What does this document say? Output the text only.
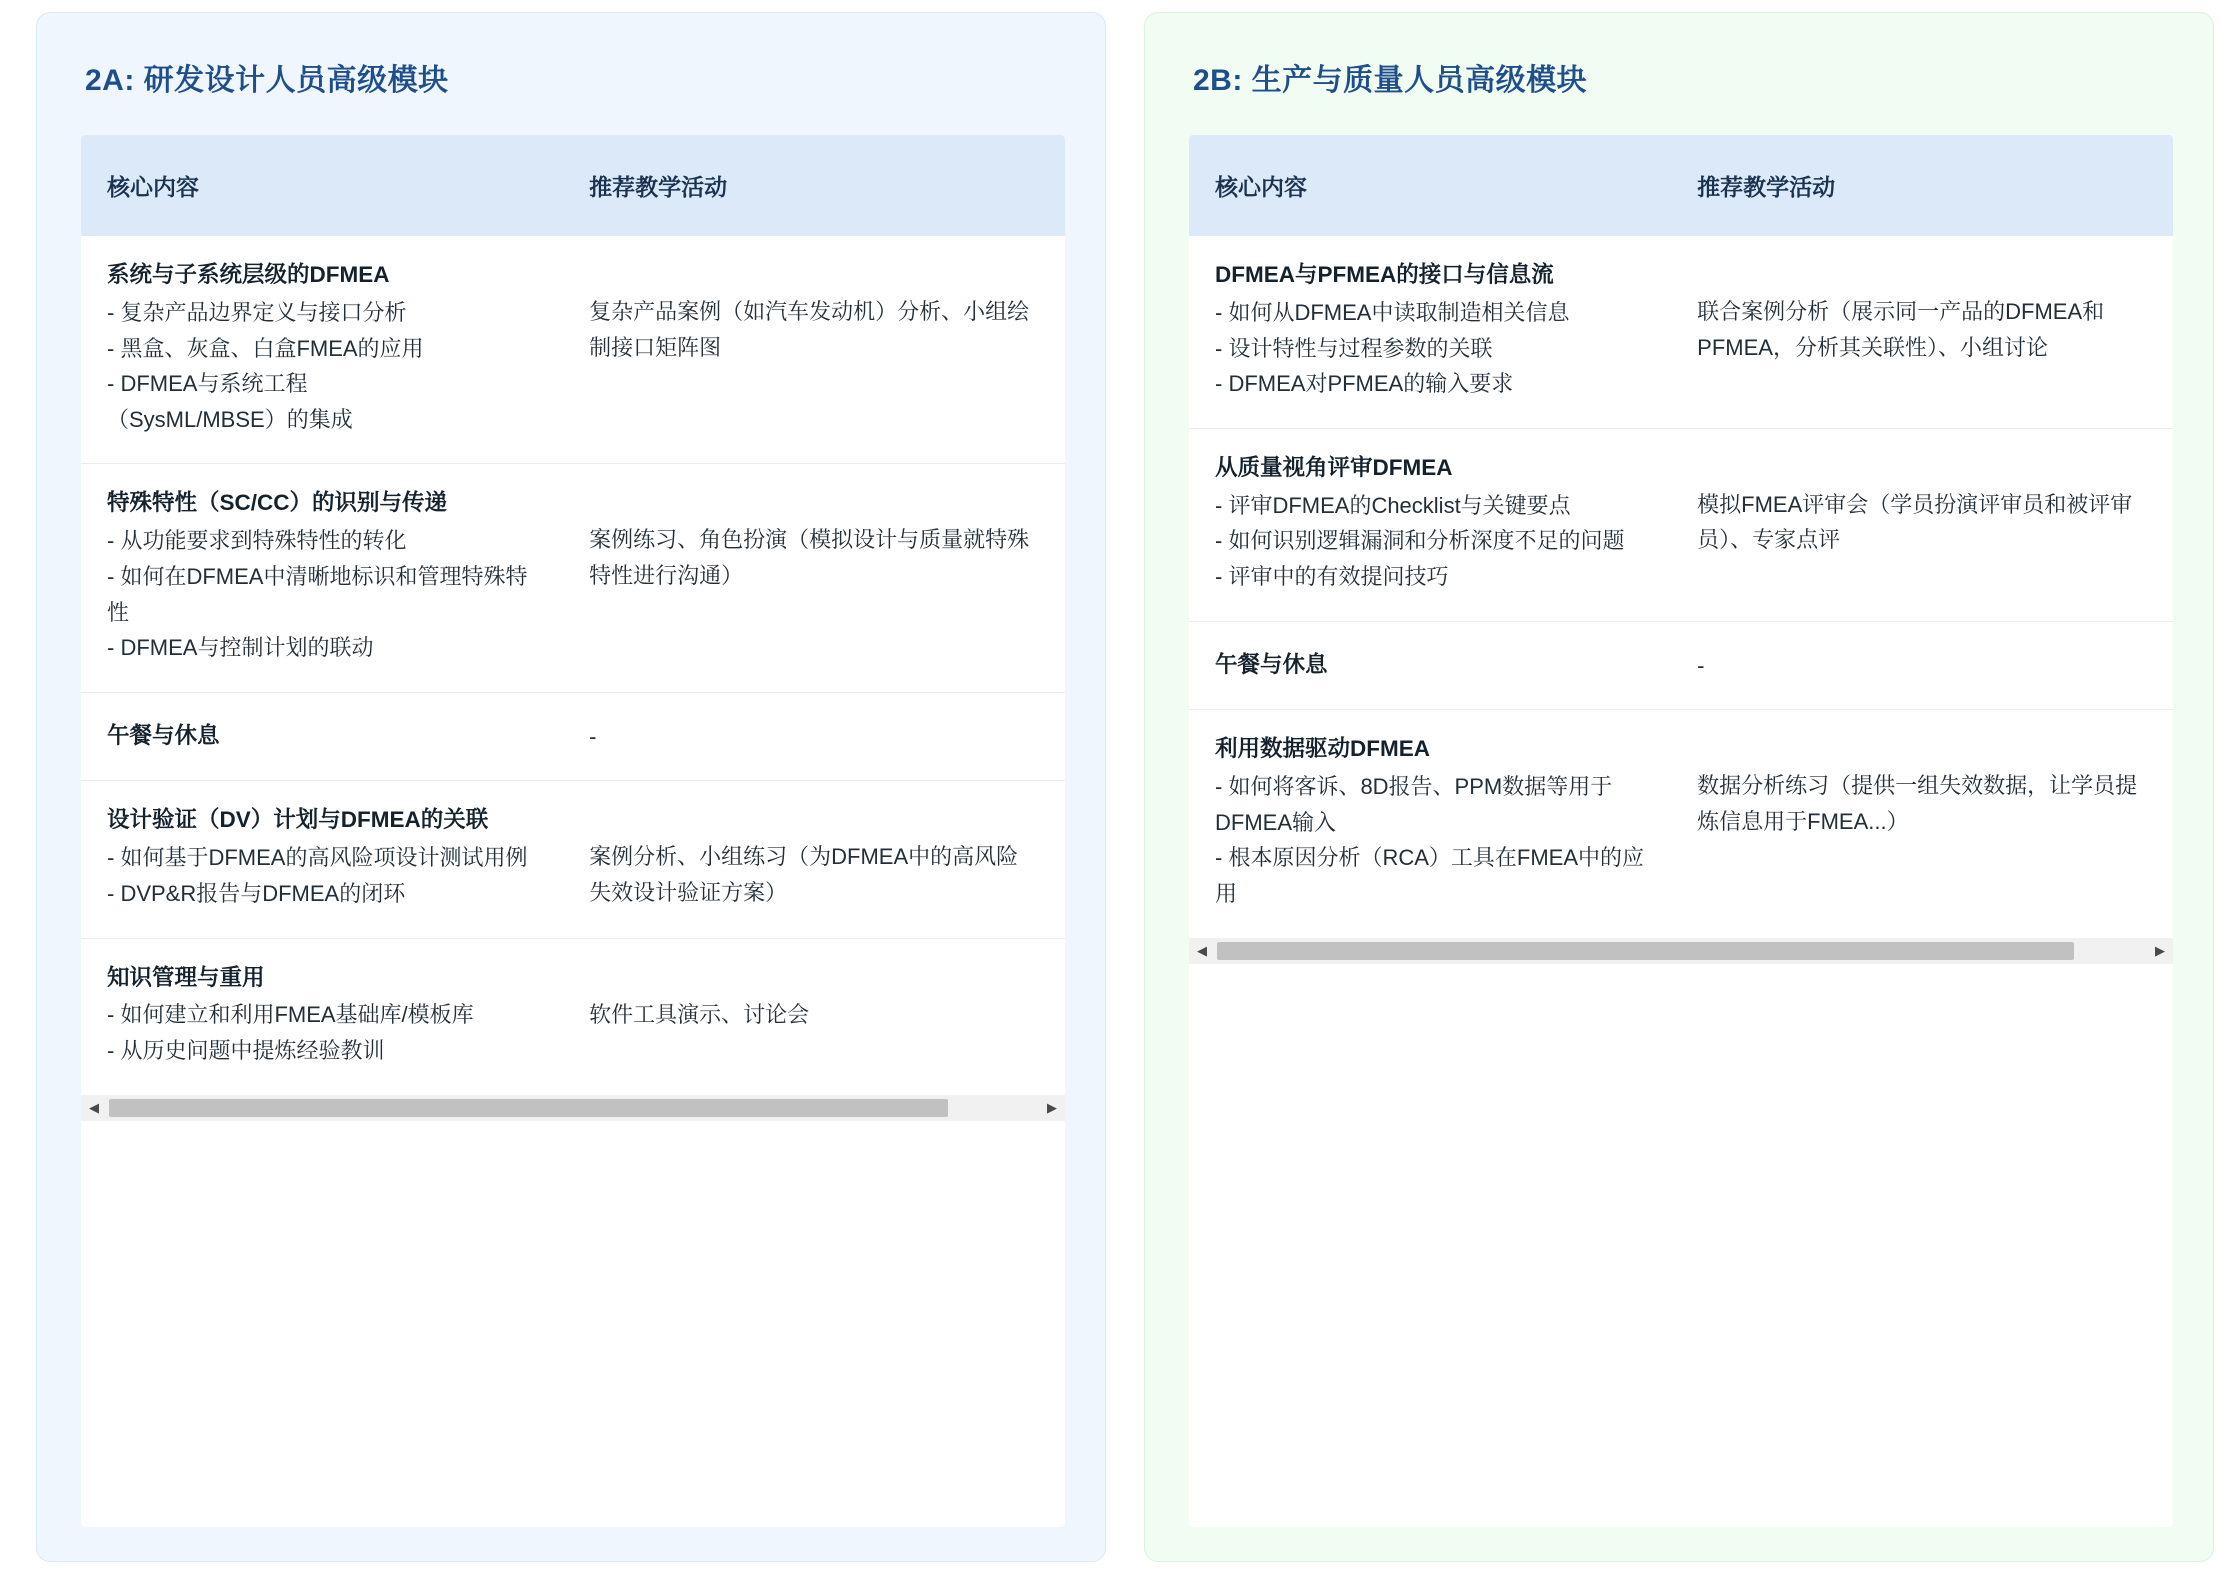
2A: 研发设计人员高级模块
核心内容	推荐教学活动

系统与子系统层级的DFMEA
- 复杂产品边界定义与接口分析
- 黑盒、灰盒、白盒FMEA的应用
- DFMEA与系统工程
（SysML/MBSE）的集成	复杂产品案例（如汽车发动机）分析、小组绘制接口矩阵图

特殊特性（SC/CC）的识别与传递
- 从功能要求到特殊特性的转化
- 如何在DFMEA中清晰地标识和管理特殊特性
- DFMEA与控制计划的联动	案例练习、角色扮演（模拟设计与质量就特殊特性进行沟通）

午餐与休息	-

设计验证（DV）计划与DFMEA的关联
- 如何基于DFMEA的高风险项设计测试用例
- DVP&R报告与DFMEA的闭环	案例分析、小组练习（为DFMEA中的高风险失效设计验证方案）

知识管理与重用
- 如何建立和利用FMEA基础库/模板库
- 从历史问题中提炼经验教训	软件工具演示、讨论会
◀	▶
2B: 生产与质量人员高级模块
核心内容	推荐教学活动

DFMEA与PFMEA的接口与信息流
- 如何从DFMEA中读取制造相关信息
- 设计特性与过程参数的关联
- DFMEA对PFMEA的输入要求	联合案例分析（展示同一产品的DFMEA和PFMEA，分析其关联性）、小组讨论

从质量视角评审DFMEA
- 评审DFMEA的Checklist与关键要点
- 如何识别逻辑漏洞和分析深度不足的问题
- 评审中的有效提问技巧	模拟FMEA评审会（学员扮演评审员和被评审员）、专家点评

午餐与休息	-

利用数据驱动DFMEA
- 如何将客诉、8D报告、PPM数据等用于DFMEA输入
- 根本原因分析（RCA）工具在FMEA中的应用	数据分析练习（提供一组失效数据，让学员提炼信息用于FMEA...）
◀	▶
